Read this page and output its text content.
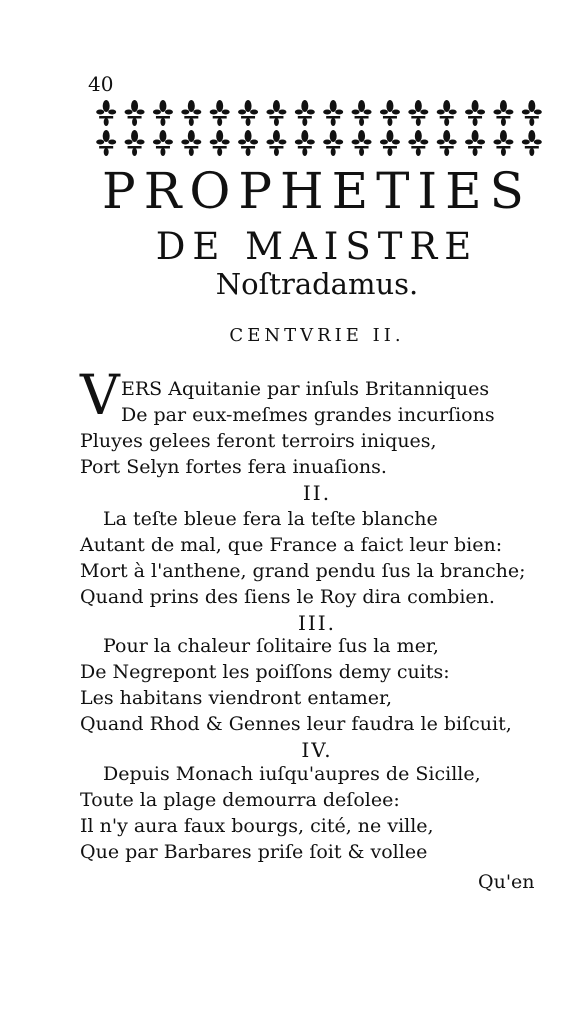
40
PROPHETIES
DE MAISTRE
Noſtradamus.
CENTVRIE II.
V ERS Aquitanie par inſuls Britanniques
De par eux-meſmes grandes incurſions
Pluyes gelees feront terroirs iniques,
Port Selyn fortes fera inuaſions.
II.
La teſte bleue fera la teſte blanche
Autant de mal, que France a faict leur bien:
Mort à l'anthene, grand pendu ſus la branche;
Quand prins des ſiens le Roy dira combien.
III.
Pour la chaleur ſolitaire ſus la mer,
De Negrepont les poiſſons demy cuits:
Les habitans viendront entamer,
Quand Rhod & Gennes leur faudra le biſcuit,
IV.
Depuis Monach iuſqu'aupres de Sicille,
Toute la plage demourra deſolee:
Il n'y aura faux bourgs, cité, ne ville,
Que par Barbares priſe ſoit & vollee
Qu'en
